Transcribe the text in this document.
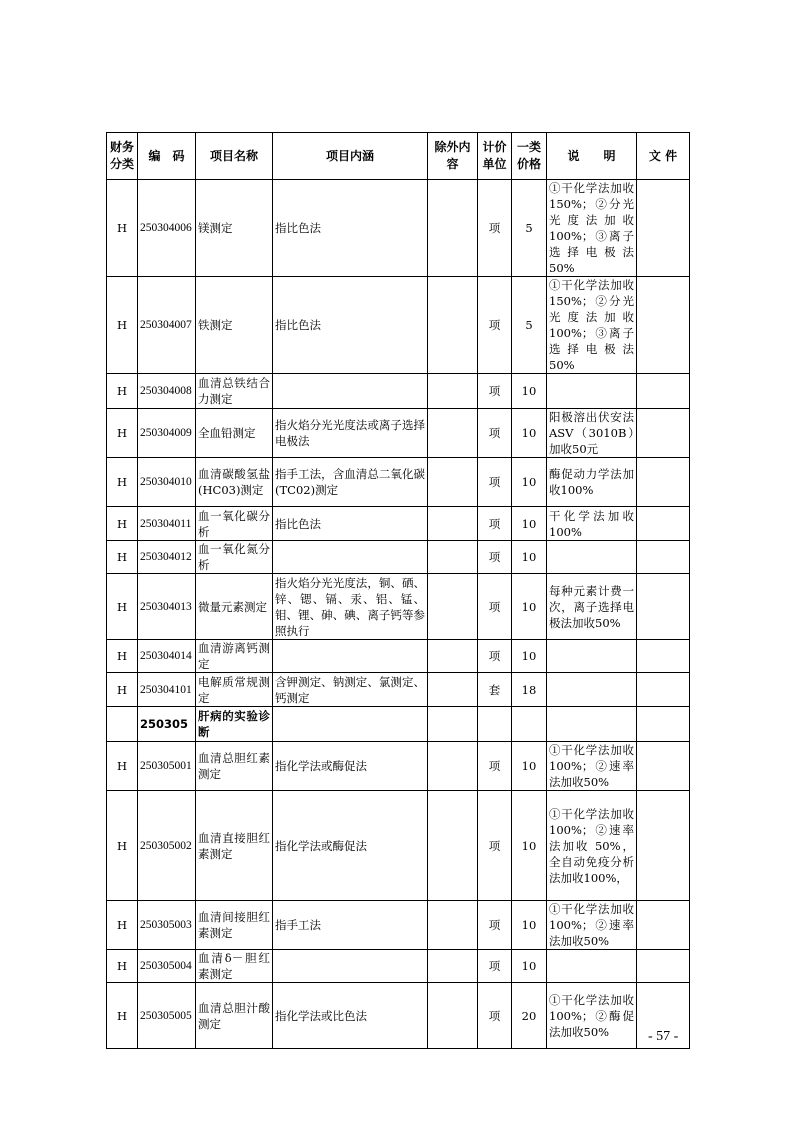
财务分类	编　码	项目名称	项目内涵	除外内容	计价单位	一类价格	说　　明	文 件
H	250304006	镁测定	指比色法		项	5	①干化学法加收 150%；②分光光度法加收100%；③离子选择电极法 50%	
H	250304007	铁测定	指比色法		项	5	①干化学法加收 150%；②分光光度法加收100%；③离子选择电极法 50%	
H	250304008	血清总铁结合力测定			项	10		
H	250304009	全血铅测定	指火焰分光光度法或离子选择电极法		项	10	阳极溶出伏安法ASV（3010B）加收50元	
H	250304010	血清碳酸氢盐(HC03)测定	指手工法，含血清总二氧化碳(TC02)测定		项	10	酶促动力学法加收100%	
H	250304011	血一氧化碳分析	指比色法		项	10	干化学法加收100%	
H	250304012	血一氧化氮分析			项	10		
H	250304013	微量元素测定	指火焰分光光度法，铜、硒、锌、锶、镉、汞、铝、锰、钼、锂、砷、碘、离子钙等参照执行		项	10	每种元素计费一次，离子选择电极法加收50%	
H	250304014	血清游离钙测定			项	10		
H	250304101	电解质常规测定	含钾测定、钠测定、氯测定、钙测定		套	18		
	250305	肝病的实验诊断						
H	250305001	血清总胆红素测定	指化学法或酶促法		项	10	①干化学法加收 100%；②速率法加收50%	
H	250305002	血清直接胆红素测定	指化学法或酶促法		项	10	①干化学法加收 100%；②速率法加收 50%，全自动免疫分析法加收100%，	
H	250305003	血清间接胆红素测定	指手工法		项	10	①干化学法加收 100%；②速率法加收50%	
H	250305004	血清δ－胆红素测定			项	10		
H	250305005	血清总胆汁酸测定	指化学法或比色法		项	20	①干化学法加收 100%；②酶促法加收50%		- 57 -
